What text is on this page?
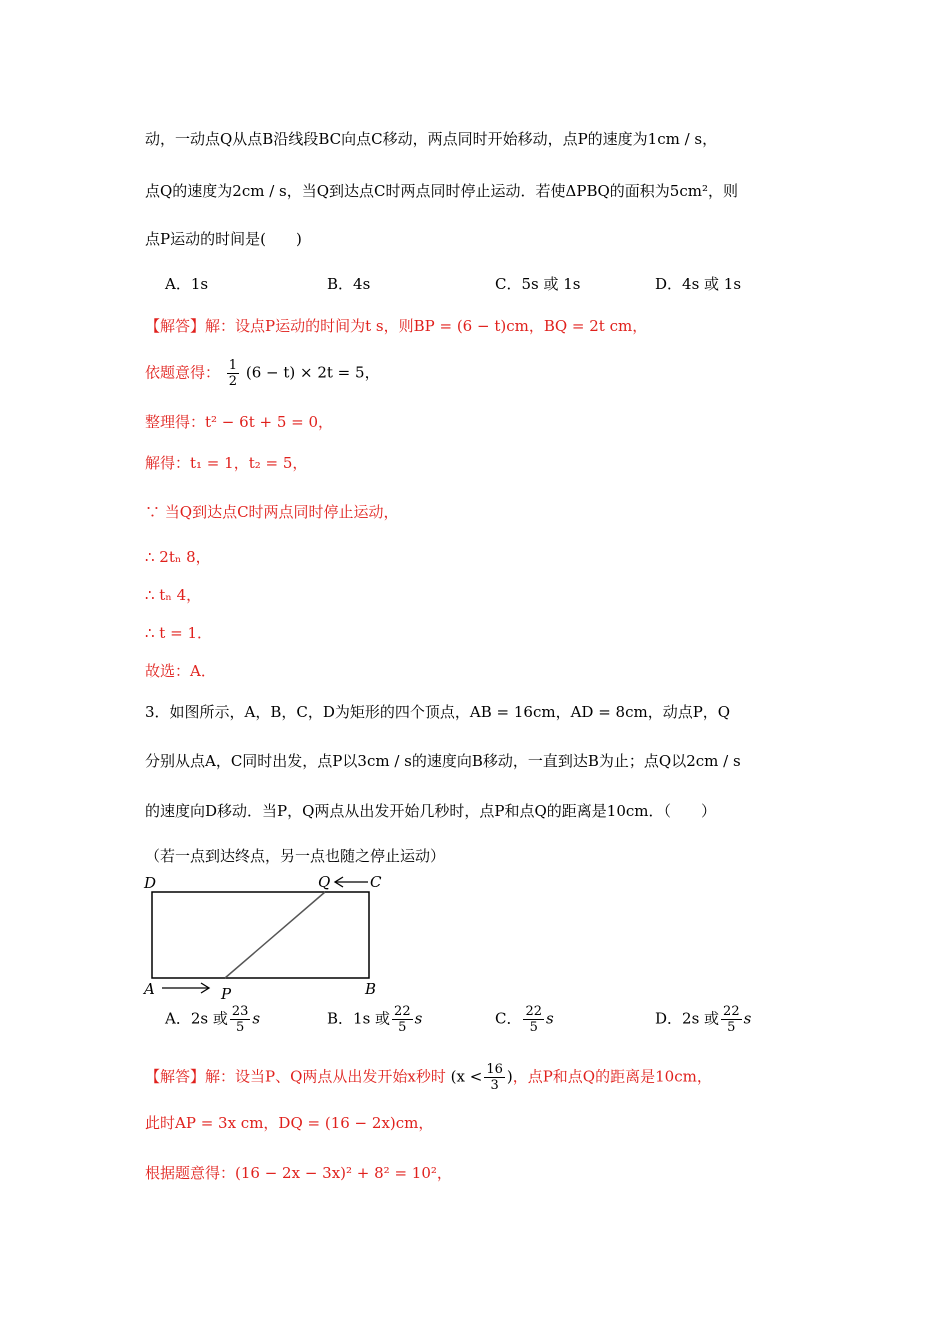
动，一动点Q从点B沿线段BC向点C移动，两点同时开始移动，点P的速度为1cm / s，
点Q的速度为2cm / s，当Q到达点C时两点同时停止运动．若使ΔPBQ的面积为5cm²，则
点P运动的时间是(　　)
A．1s	B．4s	C．5s 或 1s	D．4s 或 1s
【解答】解：设点P运动的时间为t s，则BP = (6 − t)cm，BQ = 2t cm，
依题意得： $\frac{1}{2} (6 - t) \times 2t = 5$，
整理得：t² − 6t + 5 = 0，
解得：t₁ = 1，t₂ = 5，
∵ 当Q到达点C时两点同时停止运动，
∴ 2tₙ 8，
∴ tₙ 4，
∴ t = 1．
故选：A．
3．如图所示，A，B，C，D为矩形的四个顶点，AB = 16cm，AD = 8cm，动点P，Q
分别从点A，C同时出发，点P以3cm / s的速度向B移动，一直到达B为止；点Q以2cm / s
的速度向D移动．当P，Q两点从出发开始几秒时，点P和点Q的距离是10cm．（　　）
（若一点到达终点，另一点也随之停止运动）
D	Q	C
A	P	B
A．2s 或 $\frac{23}{5}$ s	B．1s 或 $\frac{22}{5}$ s	C． $\frac{22}{5}$ s	D．2s 或 $\frac{22}{5}$ s
【解答】解：设当P、Q两点从出发开始x秒时 ($x < \frac{16}{3}$ )，点P和点Q的距离是10cm，
此时AP = 3x cm，DQ = (16 − 2x)cm，
根据题意得：(16 − 2x − 3x)² + 8² = 10²，
